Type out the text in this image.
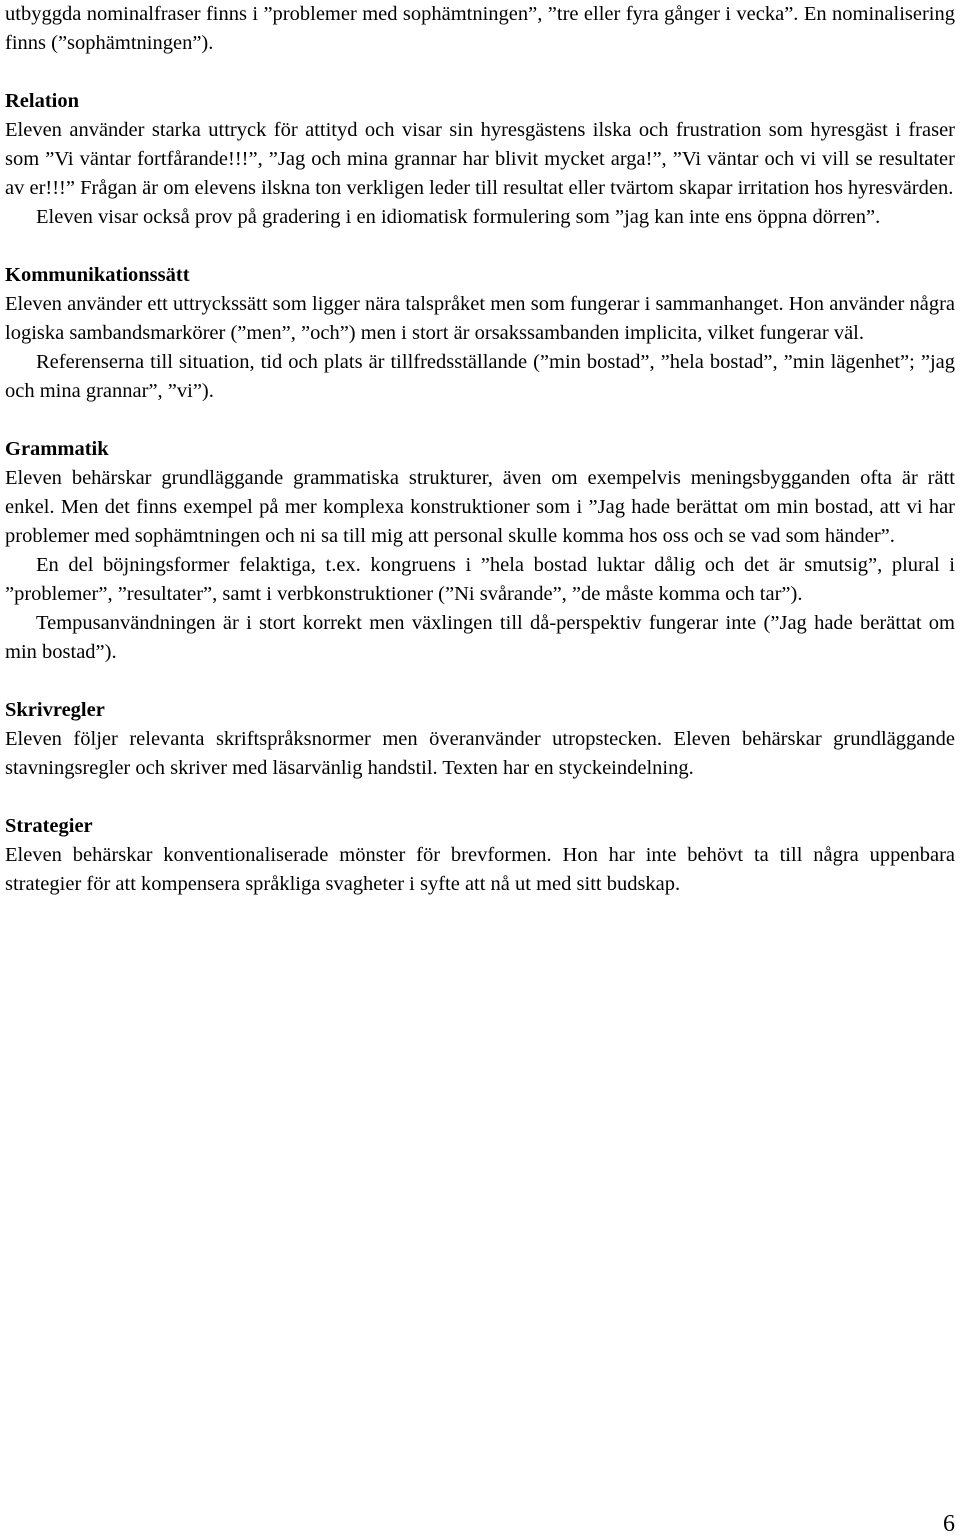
utbyggda nominalfraser finns i ”problemer med sophämtningen”, ”tre eller fyra gånger i vecka”. En nominalisering finns (”sophämtningen”).

Relation

Eleven använder starka uttryck för attityd och visar sin hyresgästens ilska och frustration som hyresgäst i fraser som ”Vi väntar fortfårande!!!”, ”Jag och mina grannar har blivit mycket arga!”, ”Vi väntar och vi vill se resultater av er!!!” Frågan är om elevens ilskna ton verkligen leder till resultat eller tvärtom skapar irritation hos hyresvärden.

Eleven visar också prov på gradering i en idiomatisk formulering som ”jag kan inte ens öppna dörren”.

Kommunikationssätt

Eleven använder ett uttryckssätt som ligger nära talspråket men som fungerar i sammanhanget. Hon använder några logiska sambandsmarkörer (”men”, ”och”) men i stort är orsakssambanden implicita, vilket fungerar väl.

Referenserna till situation, tid och plats är tillfredsställande (”min bostad”, ”hela bostad”, ”min lägenhet”; ”jag och mina grannar”, ”vi”).

Grammatik

Eleven behärskar grundläggande grammatiska strukturer, även om exempelvis meningsbygganden ofta är rätt enkel. Men det finns exempel på mer komplexa konstruktioner som i ”Jag hade berättat om min bostad, att vi har problemer med sophämtningen och ni sa till mig att personal skulle komma hos oss och se vad som händer”.

En del böjningsformer felaktiga, t.ex. kongruens i ”hela bostad luktar dålig och det är smutsig”, plural i ”problemer”, ”resultater”, samt i verbkonstruktioner (”Ni svårande”, ”de måste komma och tar”).

Tempusanvändningen är i stort korrekt men växlingen till då-perspektiv fungerar inte (”Jag hade berättat om min bostad”).

Skrivregler

Eleven följer relevanta skriftspråksnormer men överanvänder utropstecken. Eleven behärskar grundläggande stavningsregler och skriver med läsarvänlig handstil. Texten har en styckeindelning.

Strategier

Eleven behärskar konventionaliserade mönster för brevformen. Hon har inte behövt ta till några uppenbara strategier för att kompensera språkliga svagheter i syfte att nå ut med sitt budskap.

6
